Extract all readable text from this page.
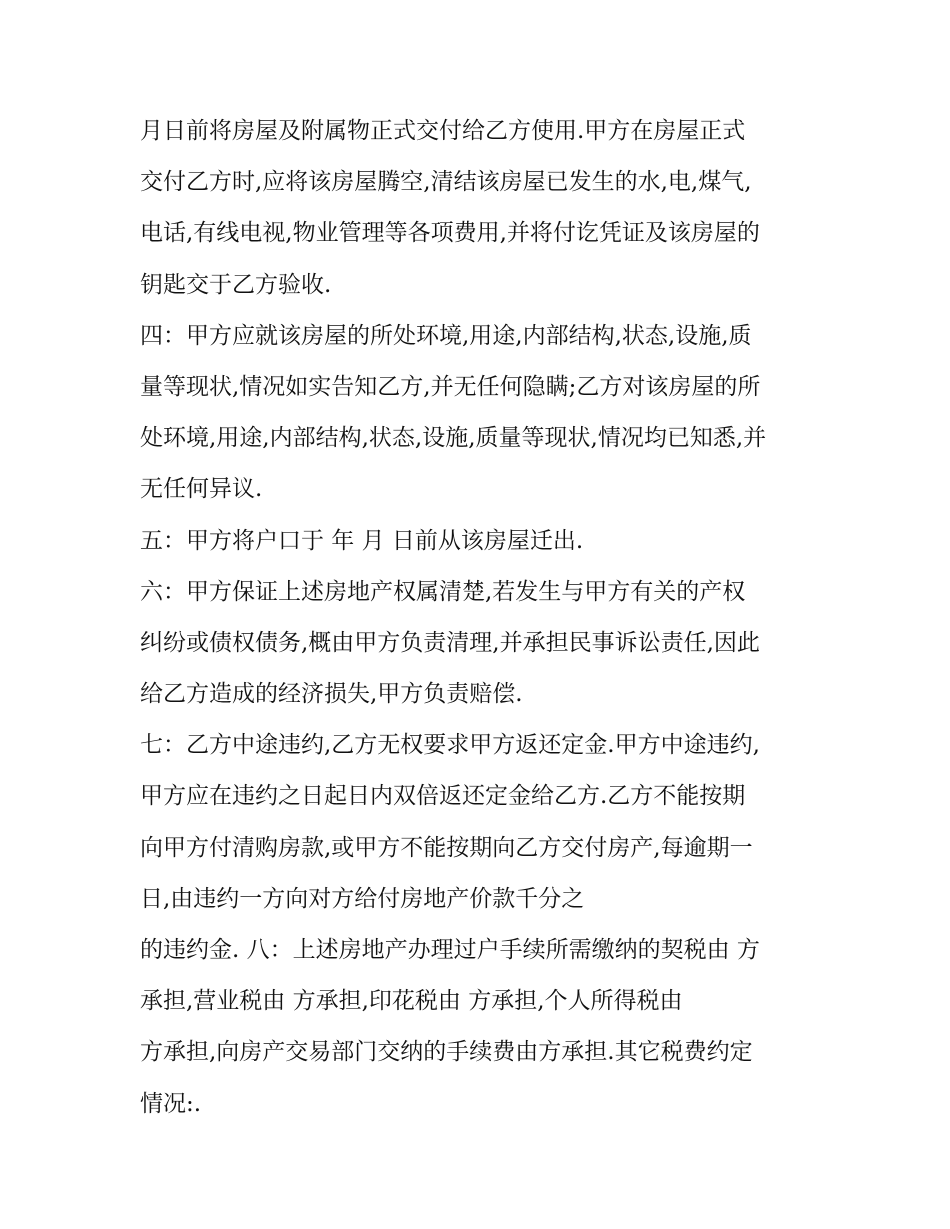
月日前将房屋及附属物正式交付给乙方使用.甲方在房屋正式
交付乙方时,应将该房屋腾空,清结该房屋已发生的水,电,煤气,
电话,有线电视,物业管理等各项费用,并将付讫凭证及该房屋的
钥匙交于乙方验收.
四：甲方应就该房屋的所处环境,用途,内部结构,状态,设施,质
量等现状,情况如实告知乙方,并无任何隐瞒;乙方对该房屋的所
处环境,用途,内部结构,状态,设施,质量等现状,情况均已知悉,并
无任何异议.
五：甲方将户口于 年 月 日前从该房屋迁出.
六：甲方保证上述房地产权属清楚,若发生与甲方有关的产权
纠纷或债权债务,概由甲方负责清理,并承担民事诉讼责任,因此
给乙方造成的经济损失,甲方负责赔偿.
七：乙方中途违约,乙方无权要求甲方返还定金.甲方中途违约,
甲方应在违约之日起日内双倍返还定金给乙方.乙方不能按期
向甲方付清购房款,或甲方不能按期向乙方交付房产,每逾期一
日,由违约一方向对方给付房地产价款千分之
的违约金. 八：上述房地产办理过户手续所需缴纳的契税由 方
承担,营业税由 方承担,印花税由 方承担,个人所得税由
方承担,向房产交易部门交纳的手续费由方承担.其它税费约定
情况:.
